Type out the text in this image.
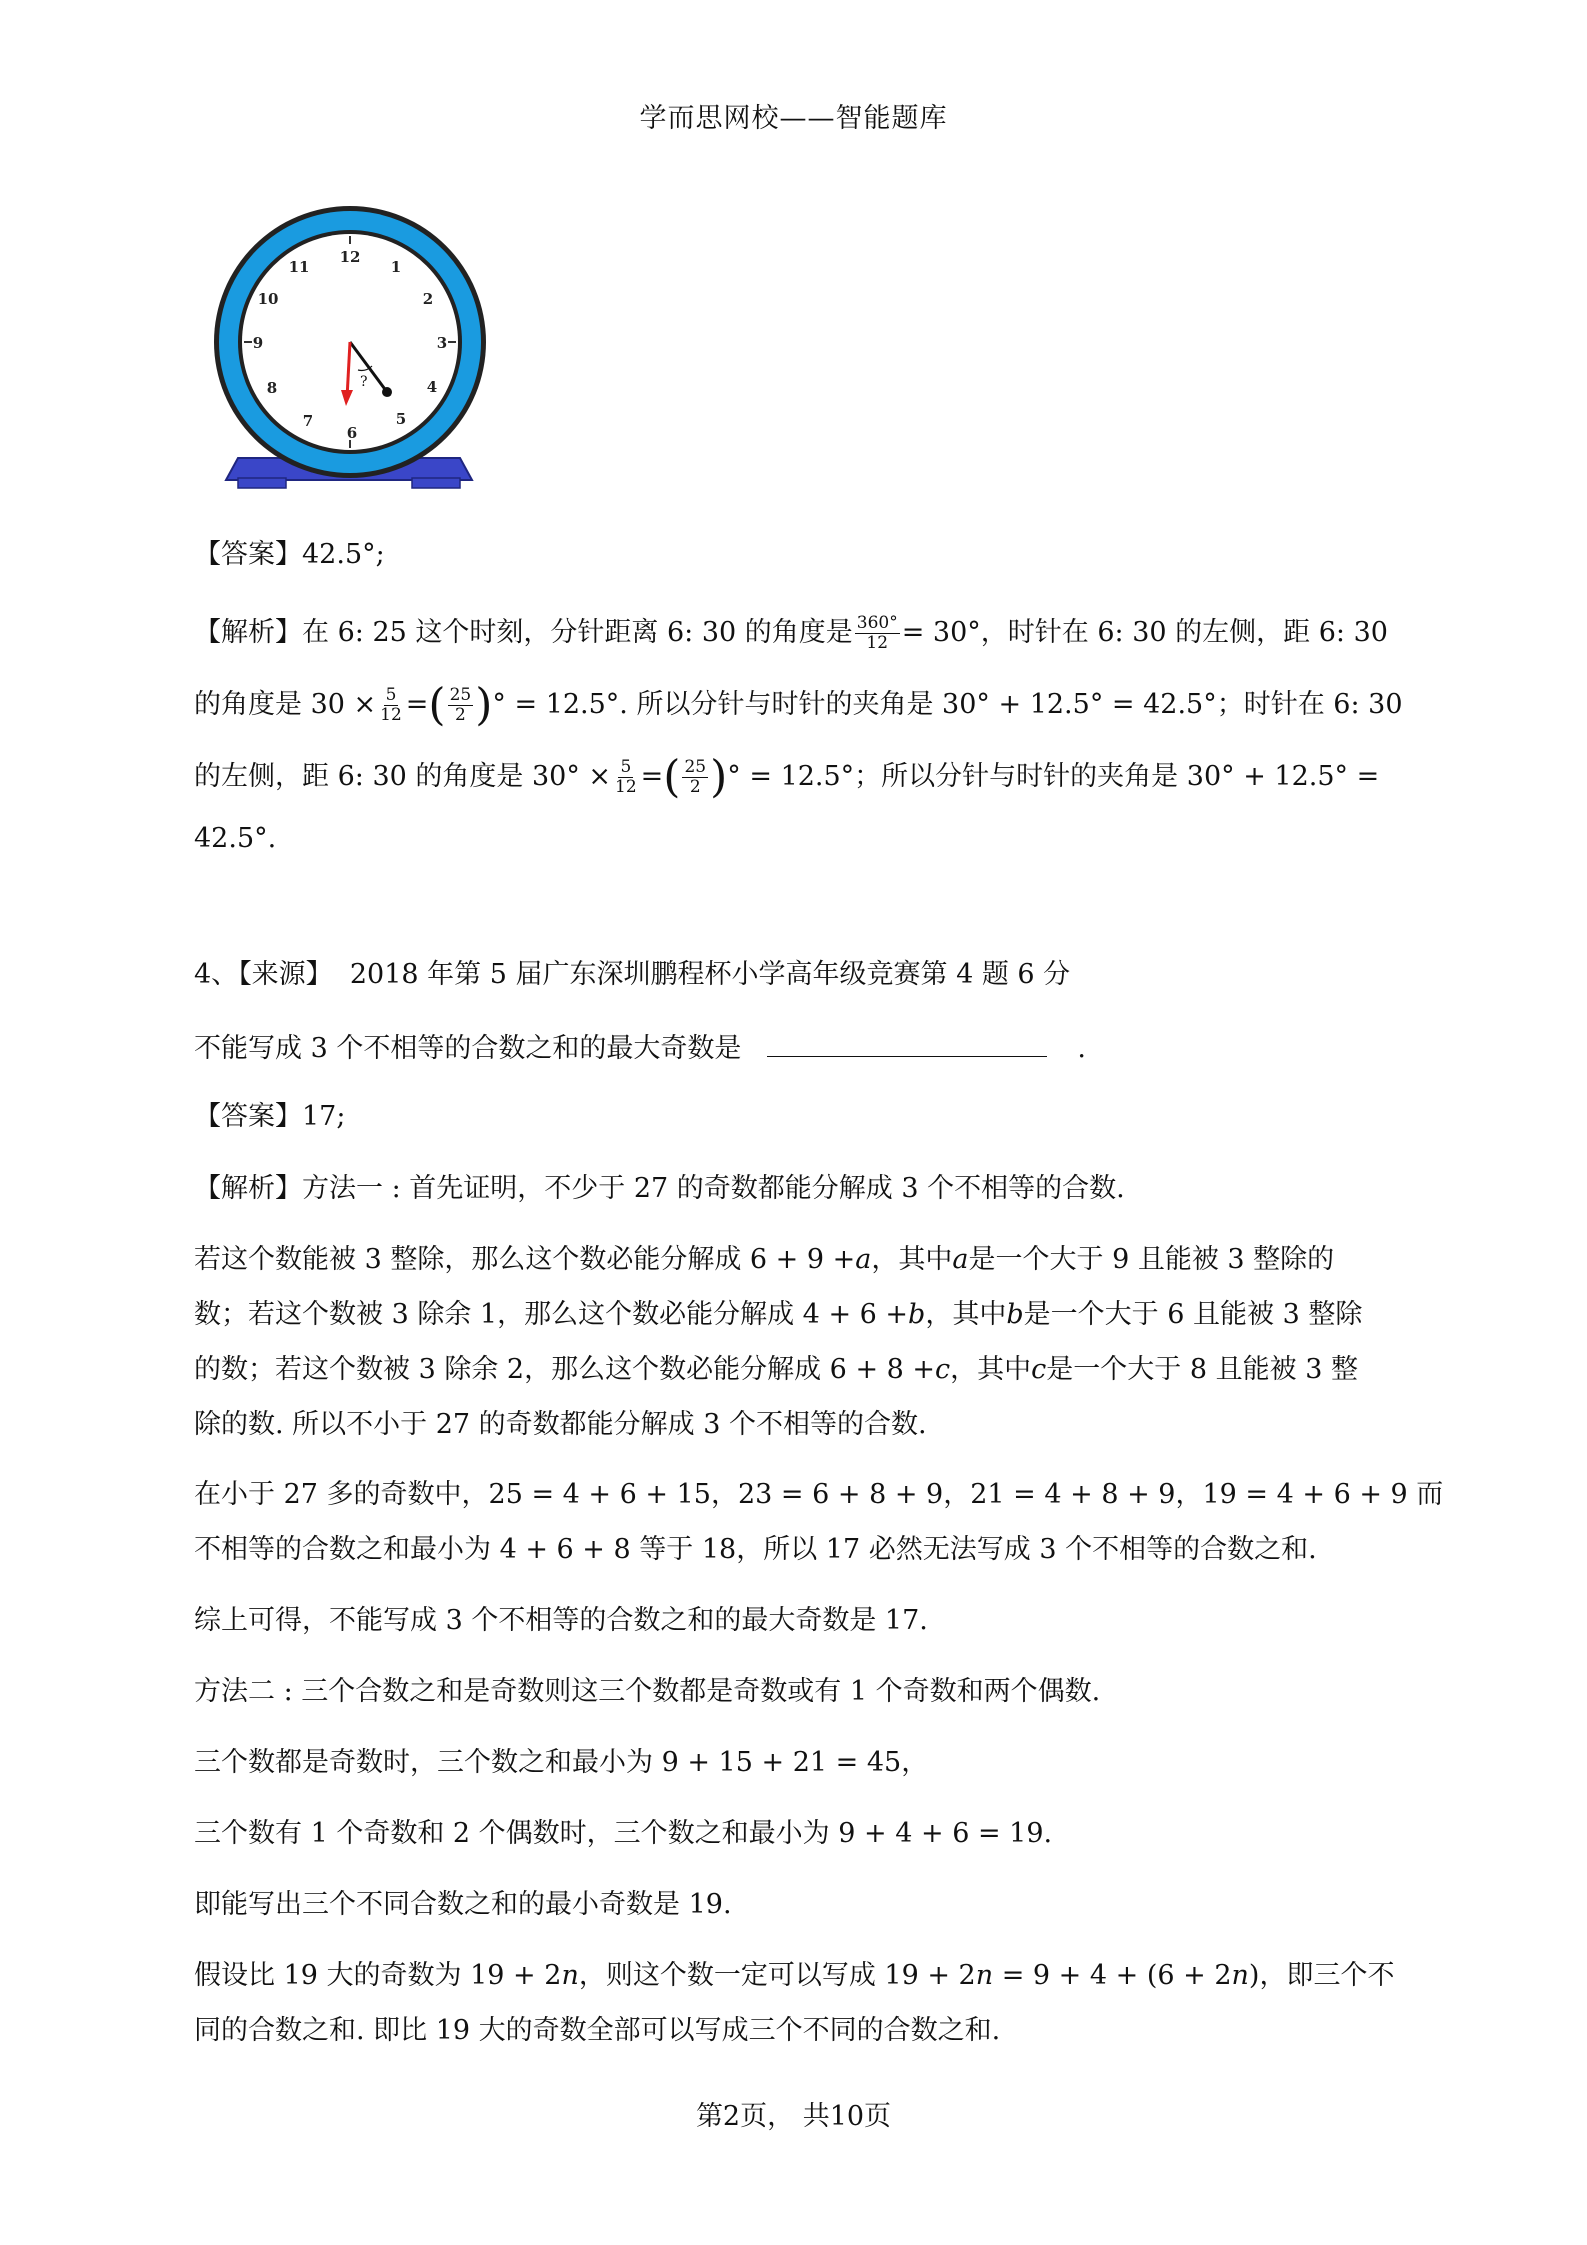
学而思网校——智能题库
12
1
2
3
4
5
6
7
8
9
10
11
?
【答案】42.5°;
【解析】在 6: 25 这个时刻，分针距离 6: 30 的角度是 $\frac{360^\circ}{12} = 30^\circ$，时针在 6: 30 的左侧，距 6: 30
的角度是 $30 \times \frac{5}{12}$ =( $\frac{25}{2}$ )° = 12.5°. 所以分针与时针的夹角是 30° + 12.5° = 42.5°；时针在 6: 30
的左侧，距 6: 30 的角度是 $30^\circ \times \frac{5}{12}$ =( $\frac{25}{2}$ )° = 12.5°；所以分针与时针的夹角是 30° + 12.5° =
42.5°.
4、【来源】 2018 年第 5 届广东深圳鹏程杯小学高年级竞赛第 4 题 6 分
不能写成 3 个不相等的合数之和的最大奇数是	.
【答案】17;
【解析】方法一 : 首先证明，不少于 27 的奇数都能分解成 3 个不相等的合数.
若这个数能被 3 整除，那么这个数必能分解成 6 + 9 +a，其中a是一个大于 9 且能被 3 整除的
数；若这个数被 3 除余 1，那么这个数必能分解成 4 + 6 +b，其中b是一个大于 6 且能被 3 整除
的数；若这个数被 3 除余 2，那么这个数必能分解成 6 + 8 +c，其中c是一个大于 8 且能被 3 整
除的数. 所以不小于 27 的奇数都能分解成 3 个不相等的合数.
在小于 27 多的奇数中，25 = 4 + 6 + 15，23 = 6 + 8 + 9，21 = 4 + 8 + 9，19 = 4 + 6 + 9 而
不相等的合数之和最小为 4 + 6 + 8 等于 18，所以 17 必然无法写成 3 个不相等的合数之和.
综上可得，不能写成 3 个不相等的合数之和的最大奇数是 17.
方法二 : 三个合数之和是奇数则这三个数都是奇数或有 1 个奇数和两个偶数.
三个数都是奇数时，三个数之和最小为 9 + 15 + 21 = 45，
三个数有 1 个奇数和 2 个偶数时，三个数之和最小为 9 + 4 + 6 = 19.
即能写出三个不同合数之和的最小奇数是 19.
假设比 19 大的奇数为 19 + 2n，则这个数一定可以写成 19 + 2n = 9 + 4 + (6 + 2n)，即三个不
同的合数之和. 即比 19 大的奇数全部可以写成三个不同的合数之和.
第2页， 共10页
